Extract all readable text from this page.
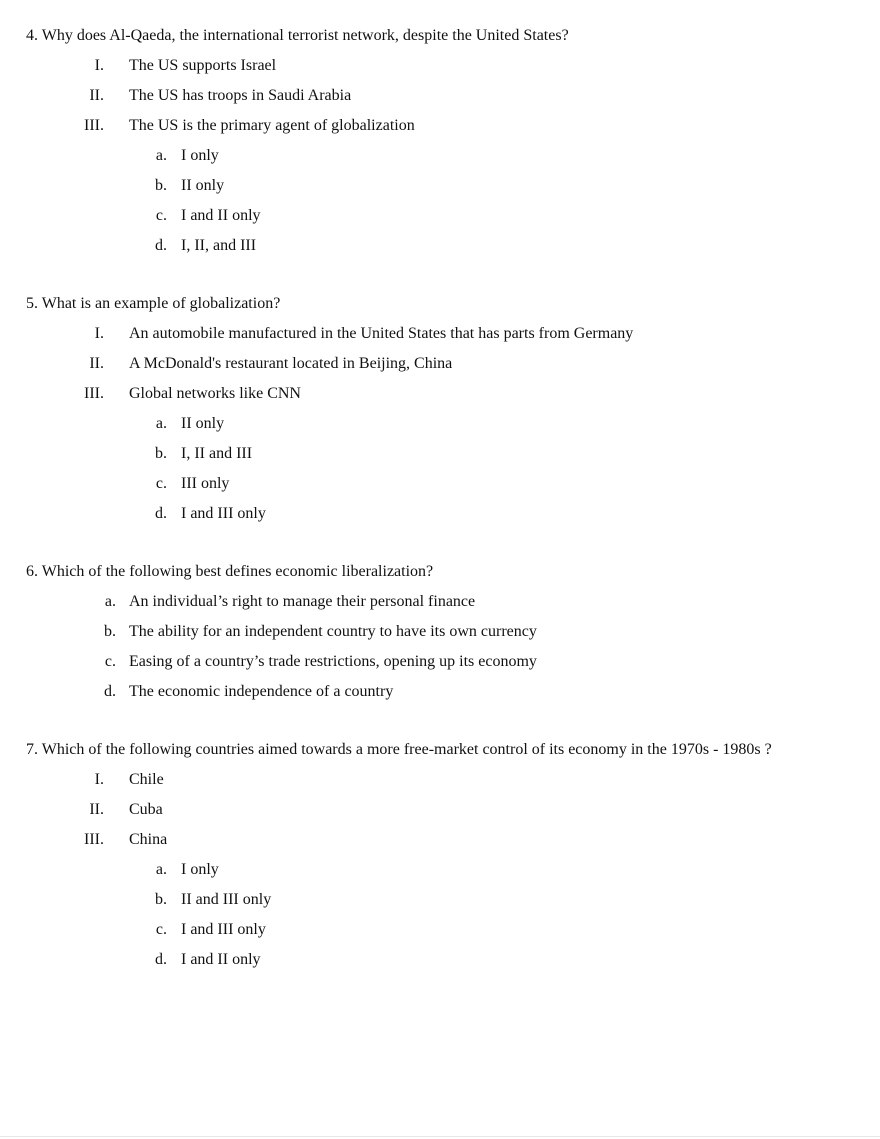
4. Why does Al-Qaeda, the international terrorist network, despite the United States?
I. The US supports Israel
II. The US has troops in Saudi Arabia
III. The US is the primary agent of globalization
a. I only
b. II only
c. I and II only
d. I, II, and III
5. What is an example of globalization?
I. An automobile manufactured in the United States that has parts from Germany
II. A McDonald's restaurant located in Beijing, China
III. Global networks like CNN
a. II only
b. I, II and III
c. III only
d. I and III only
6. Which of the following best defines economic liberalization?
a. An individual’s right to manage their personal finance
b. The ability for an independent country to have its own currency
c. Easing of a country’s trade restrictions, opening up its economy
d. The economic independence of a country
7. Which of the following countries aimed towards a more free-market control of its economy in the 1970s - 1980s ?
I. Chile
II. Cuba
III. China
a. I only
b. II and III only
c. I and III only
d. I and II only
